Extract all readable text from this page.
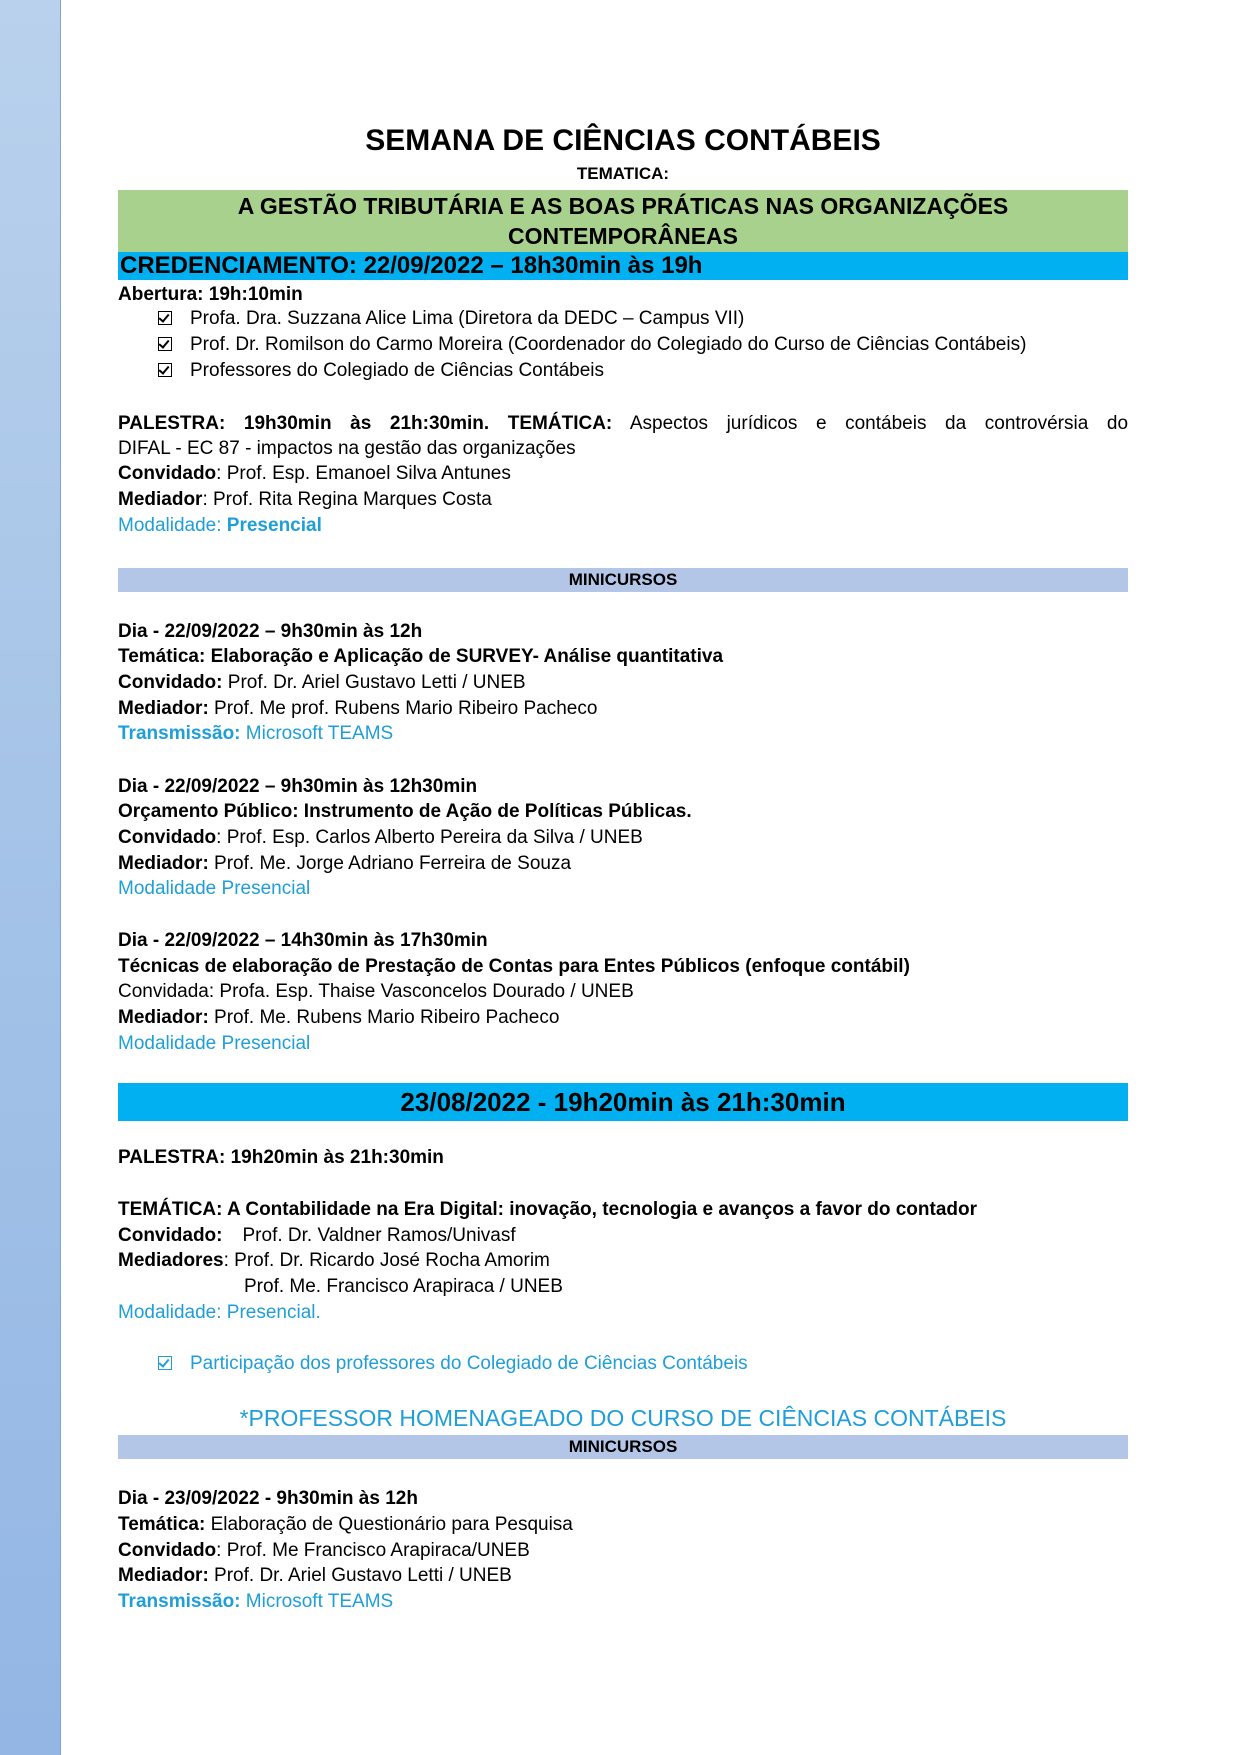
SEMANA DE CIÊNCIAS CONTÁBEIS
TEMATICA:
A GESTÃO TRIBUTÁRIA E AS BOAS PRÁTICAS NAS ORGANIZAÇÕES
CONTEMPORÂNEAS
CREDENCIAMENTO: 22/09/2022 – 18h30min às 19h
Abertura: 19h:10min
Profa. Dra. Suzzana Alice Lima (Diretora da DEDC – Campus VII)
Prof. Dr. Romilson do Carmo Moreira (Coordenador do Colegiado do Curso de Ciências Contábeis)
Professores do Colegiado de Ciências Contábeis
PALESTRA: 19h30min às 21h:30min. TEMÁTICA: Aspectos jurídicos e contábeis da controvérsia do
DIFAL - EC 87 - impactos na gestão das organizações
Convidado: Prof. Esp. Emanoel Silva Antunes
Mediador: Prof. Rita Regina Marques Costa
Modalidade: Presencial
MINICURSOS
Dia - 22/09/2022 – 9h30min às 12h
Temática: Elaboração e Aplicação de SURVEY- Análise quantitativa
Convidado: Prof. Dr. Ariel Gustavo Letti / UNEB
Mediador: Prof. Me prof. Rubens Mario Ribeiro Pacheco
Transmissão: Microsoft TEAMS
Dia - 22/09/2022 – 9h30min às 12h30min
Orçamento Público: Instrumento de Ação de Políticas Públicas.
Convidado: Prof. Esp. Carlos Alberto Pereira da Silva / UNEB
Mediador: Prof. Me. Jorge Adriano Ferreira de Souza
Modalidade Presencial
Dia - 22/09/2022 – 14h30min às 17h30min
Técnicas de elaboração de Prestação de Contas para Entes Públicos (enfoque contábil)
Convidada: Profa. Esp. Thaise Vasconcelos Dourado / UNEB
Mediador: Prof. Me. Rubens Mario Ribeiro Pacheco
Modalidade Presencial
23/08/2022 - 19h20min às 21h:30min
PALESTRA: 19h20min às 21h:30min
TEMÁTICA: A Contabilidade na Era Digital: inovação, tecnologia e avanços a favor do contador
Convidado: Prof. Dr. Valdner Ramos/Univasf
Mediadores: Prof. Dr. Ricardo José Rocha Amorim
Prof. Me. Francisco Arapiraca / UNEB
Modalidade: Presencial.
Participação dos professores do Colegiado de Ciências Contábeis
*PROFESSOR HOMENAGEADO DO CURSO DE CIÊNCIAS CONTÁBEIS
MINICURSOS
Dia - 23/09/2022 - 9h30min às 12h
Temática: Elaboração de Questionário para Pesquisa
Convidado: Prof. Me Francisco Arapiraca/UNEB
Mediador: Prof. Dr. Ariel Gustavo Letti / UNEB
Transmissão: Microsoft TEAMS
